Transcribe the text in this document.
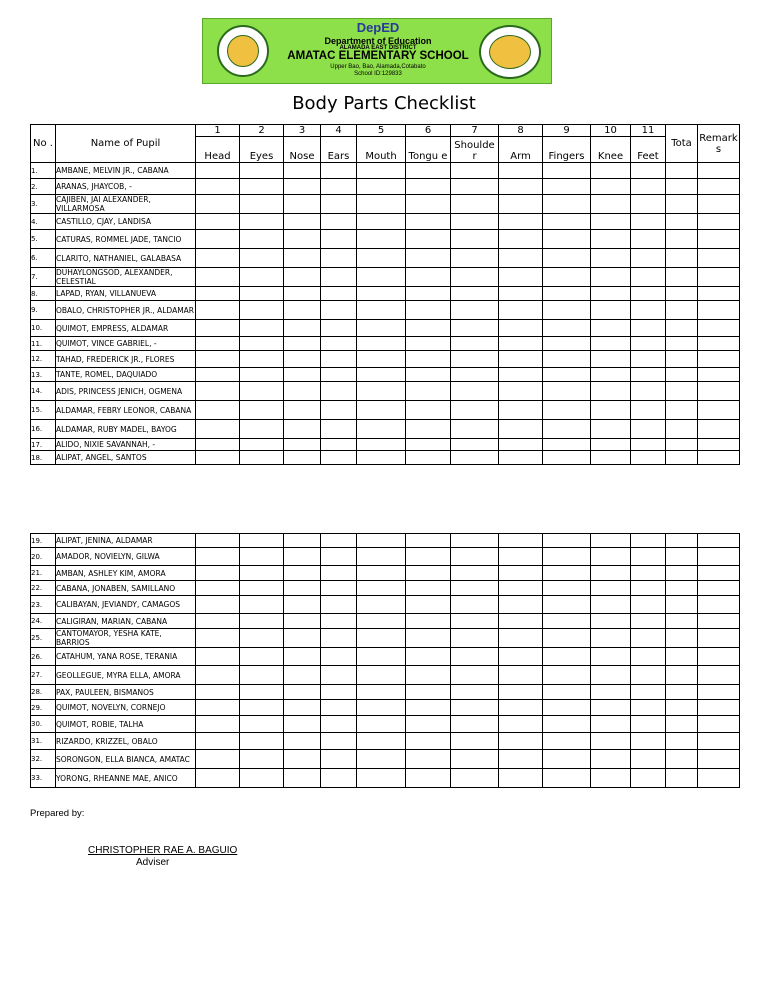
DepED
Department of Education
ALAMADA EAST DISTRICT
AMATAC ELEMENTARY SCHOOL
Upper Bao, Bao, Alamada,Cotabato
School ID:129833
Body Parts Checklist
No .	Name of Pupil	1	2	3	4	5	6	7	8	9	10	11	Tota	Remark s
		Head	Eyes	Nose	Ears	Mouth	Tongu e	Shoulde r	Arm	Fingers	Knee	Feet		
1.	AMBANE, MELVIN JR., CABANA													
2.	ARANAS, JHAYCOB, -													
3.	CAJIBEN, JAI ALEXANDER, VILLARMOSA													
4.	CASTILLO, CJAY, LANDISA													
5.	CATURAS, ROMMEL JADE, TANCIO													
6.	CLARITO, NATHANIEL, GALABASA													
7.	DUHAYLONGSOD, ALEXANDER, CELESTIAL													
8.	LAPAD, RYAN, VILLANUEVA													
9.	OBALO, CHRISTOPHER JR., ALDAMAR													
10.	QUIMOT, EMPRESS, ALDAMAR													
11.	QUIMOT, VINCE GABRIEL, -													
12.	TAHAD, FREDERICK JR., FLORES													
13.	TANTE, ROMEL, DAQUIADO													
14.	ADIS, PRINCESS JENICH, OGMENA													
15.	ALDAMAR, FEBRY LEONOR, CABANA													
16.	ALDAMAR, RUBY MADEL, BAYOG													
17.	ALIDO, NIXIE SAVANNAH, -													
18.	ALIPAT, ANGEL, SANTOS													
19.	ALIPAT, JENINA, ALDAMAR													
20.	AMADOR, NOVIELYN, GILWA													
21.	AMBAN, ASHLEY KIM, AMORA													
22.	CABANA, JONABEN, SAMILLANO													
23.	CALIBAYAN, JEVIANDY, CAMAGOS													
24.	CALIGIRAN, MARIAN, CABANA													
25.	CANTOMAYOR, YESHA KATE, BARRIOS													
26.	CATAHUM, YANA ROSE, TERANIA													
27.	GEOLLEGUE, MYRA ELLA, AMORA													
28.	PAX, PAULEEN, BISMANOS													
29.	QUIMOT, NOVELYN, CORNEJO													
30.	QUIMOT, ROBIE, TALHA													
31.	RIZARDO, KRIZZEL, OBALO													
32.	SORONGON, ELLA BIANCA, AMATAC													
33.	YORONG, RHEANNE MAE, ANICO													
Prepared by:
CHRISTOPHER RAE A. BAGUIO
Adviser
